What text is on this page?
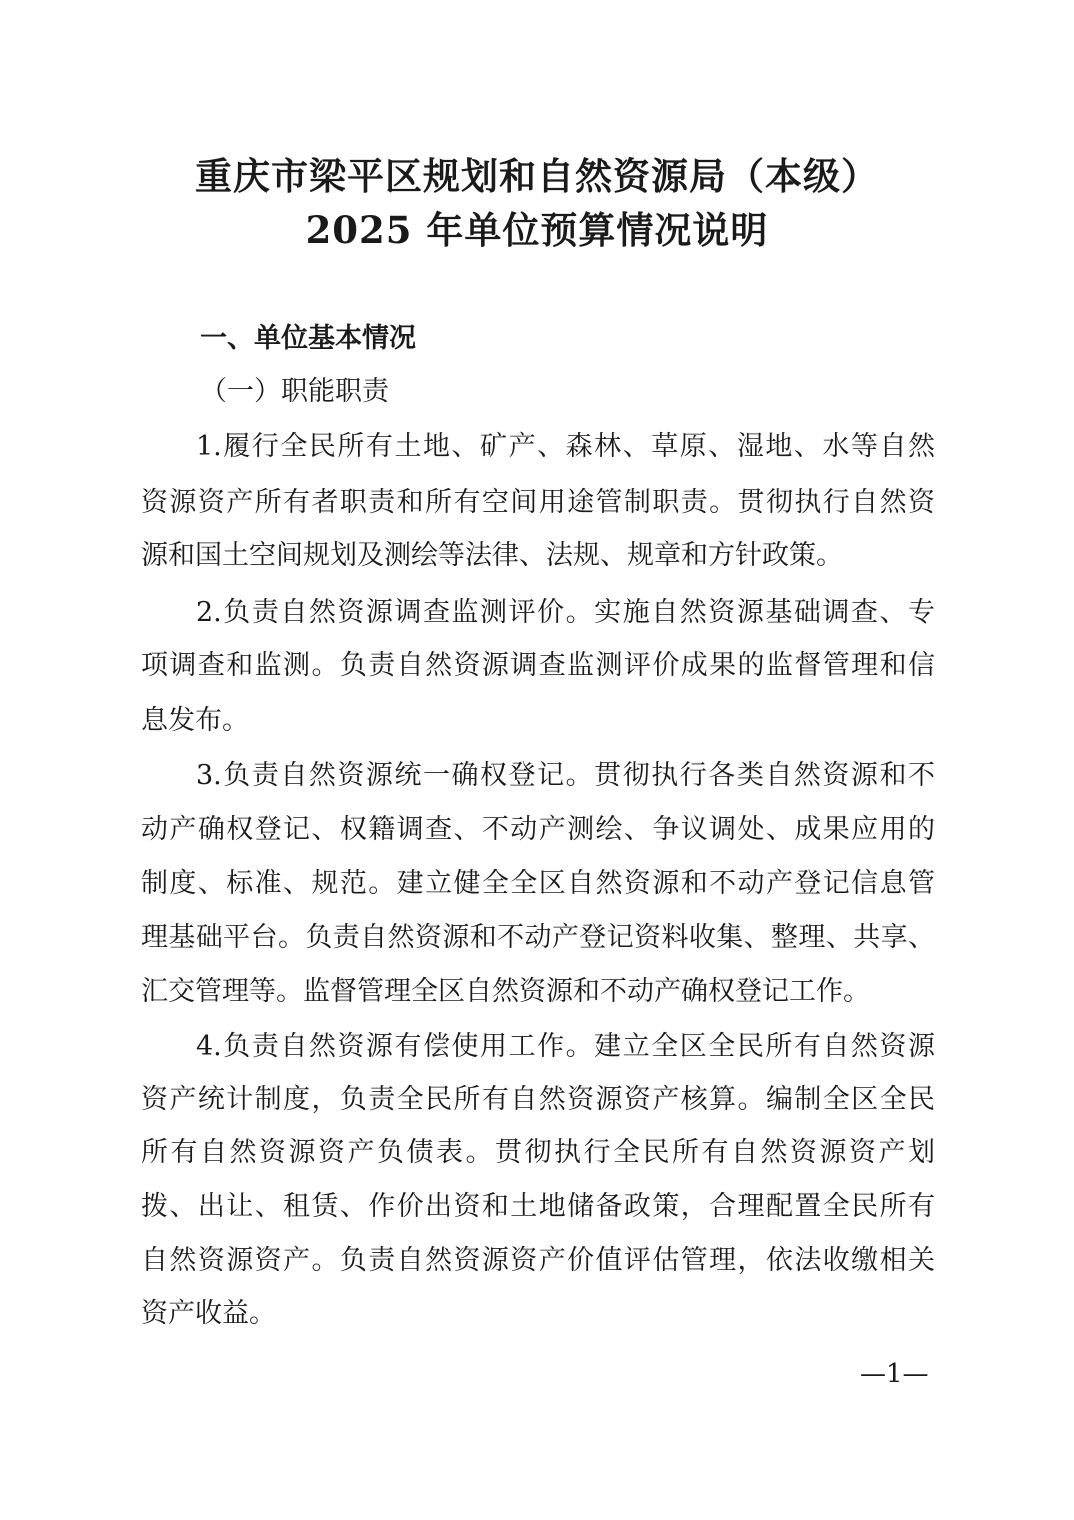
重庆市梁平区规划和自然资源局（本级）
2025 年单位预算情况说明
一、单位基本情况
（一）职能职责
1.履行全民所有土地、矿产、森林、草原、湿地、水等自然
资源资产所有者职责和所有空间用途管制职责。贯彻执行自然资
源和国土空间规划及测绘等法律、法规、规章和方针政策。
2.负责自然资源调查监测评价。实施自然资源基础调查、专
项调查和监测。负责自然资源调查监测评价成果的监督管理和信
息发布。
3.负责自然资源统一确权登记。贯彻执行各类自然资源和不
动产确权登记、权籍调查、不动产测绘、争议调处、成果应用的
制度、标准、规范。建立健全全区自然资源和不动产登记信息管
理基础平台。负责自然资源和不动产登记资料收集、整理、共享、
汇交管理等。监督管理全区自然资源和不动产确权登记工作。
4.负责自然资源有偿使用工作。建立全区全民所有自然资源
资产统计制度，负责全民所有自然资源资产核算。编制全区全民
所有自然资源资产负债表。贯彻执行全民所有自然资源资产划
拨、出让、租赁、作价出资和土地储备政策，合理配置全民所有
自然资源资产。负责自然资源资产价值评估管理，依法收缴相关
资产收益。
—1—
